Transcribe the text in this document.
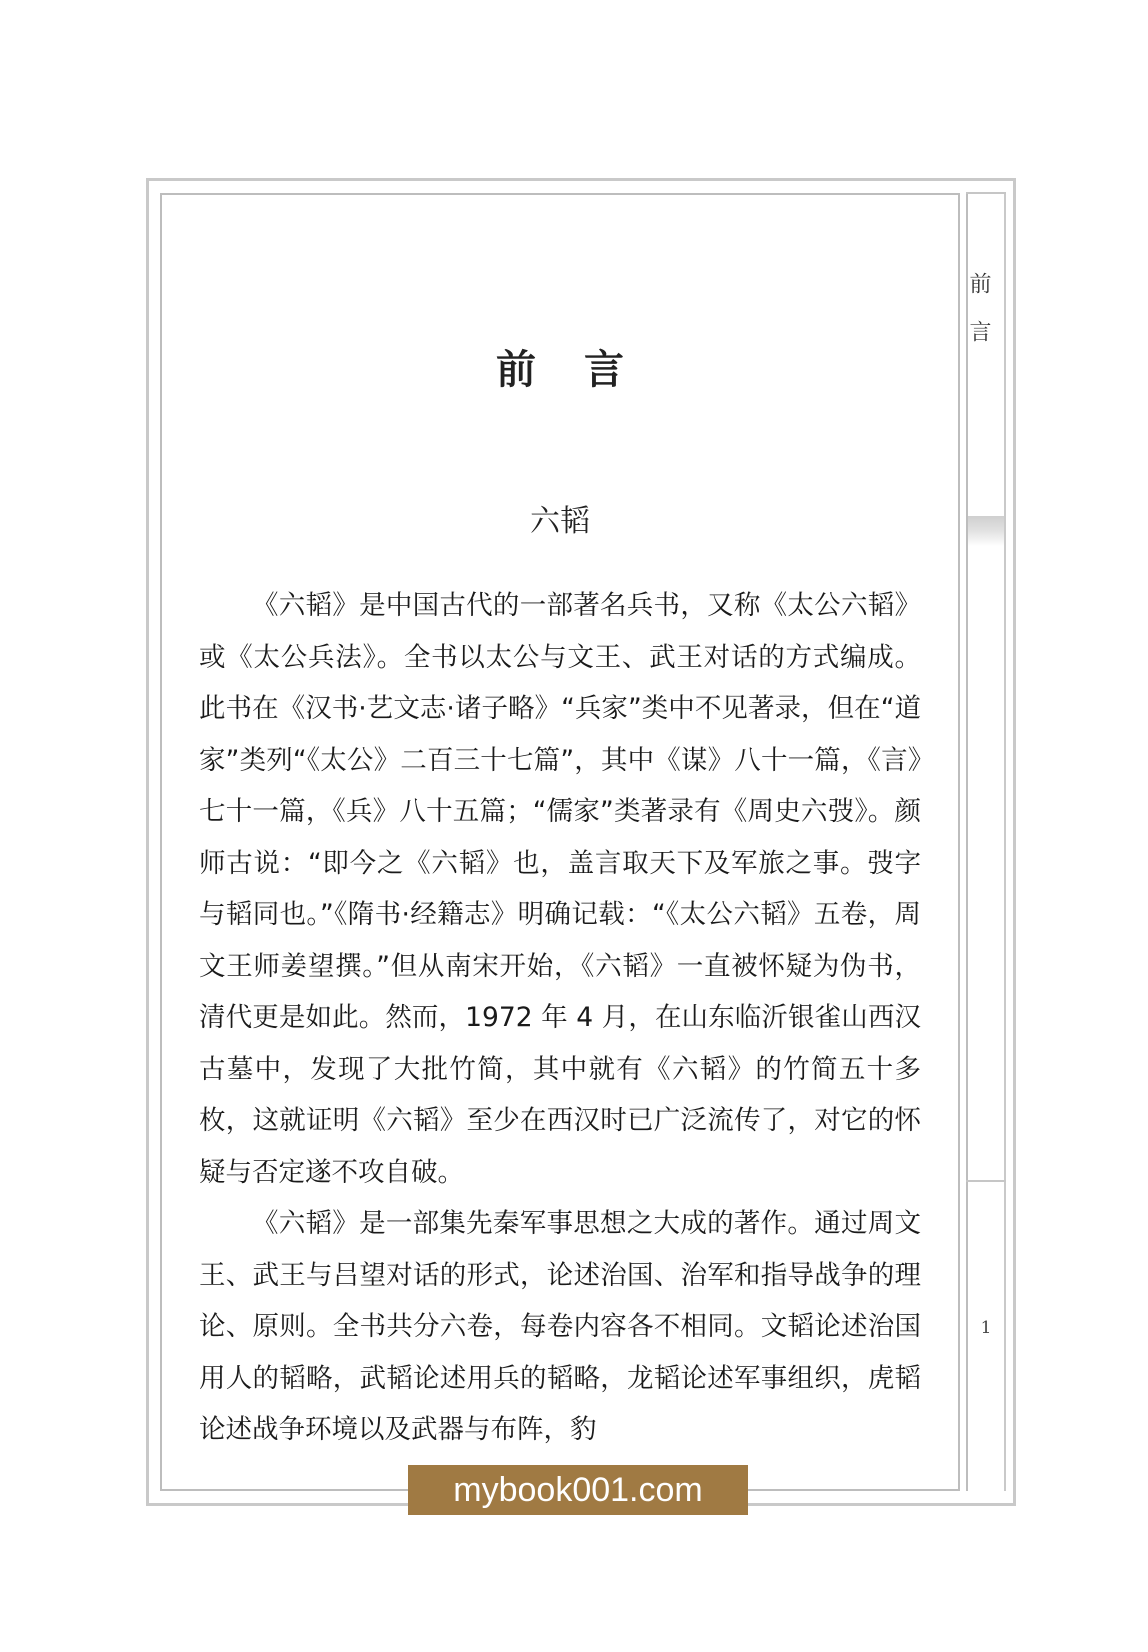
前言
1
前言
六韬

《六韬》是中国古代的一部著名兵书，又称《太公六韬》或《太公兵法》。全书以太公与文王、武王对话的方式编成。此书在《汉书·艺文志·诸子略》“兵家”类中不见著录，但在“道家”类列“《太公》二百三十七篇”，其中《谋》八十一篇，《言》七十一篇，《兵》八十五篇；“儒家”类著录有《周史六弢》。颜师古说：“即今之《六韬》也，盖言取天下及军旅之事。弢字与韬同也。”《隋书·经籍志》明确记载：“《太公六韬》五卷，周文王师姜望撰。”但从南宋开始，《六韬》一直被怀疑为伪书，清代更是如此。然而，1972 年 4 月，在山东临沂银雀山西汉古墓中，发现了大批竹简，其中就有《六韬》的竹简五十多枚，这就证明《六韬》至少在西汉时已广泛流传了，对它的怀疑与否定遂不攻自破。

《六韬》是一部集先秦军事思想之大成的著作。通过周文王、武王与吕望对话的形式，论述治国、治军和指导战争的理论、原则。全书共分六卷，每卷内容各不相同。文韬论述治国用人的韬略，武韬论述用兵的韬略，龙韬论述军事组织，虎韬论述战争环境以及武器与布阵，豹

mybook001.com
